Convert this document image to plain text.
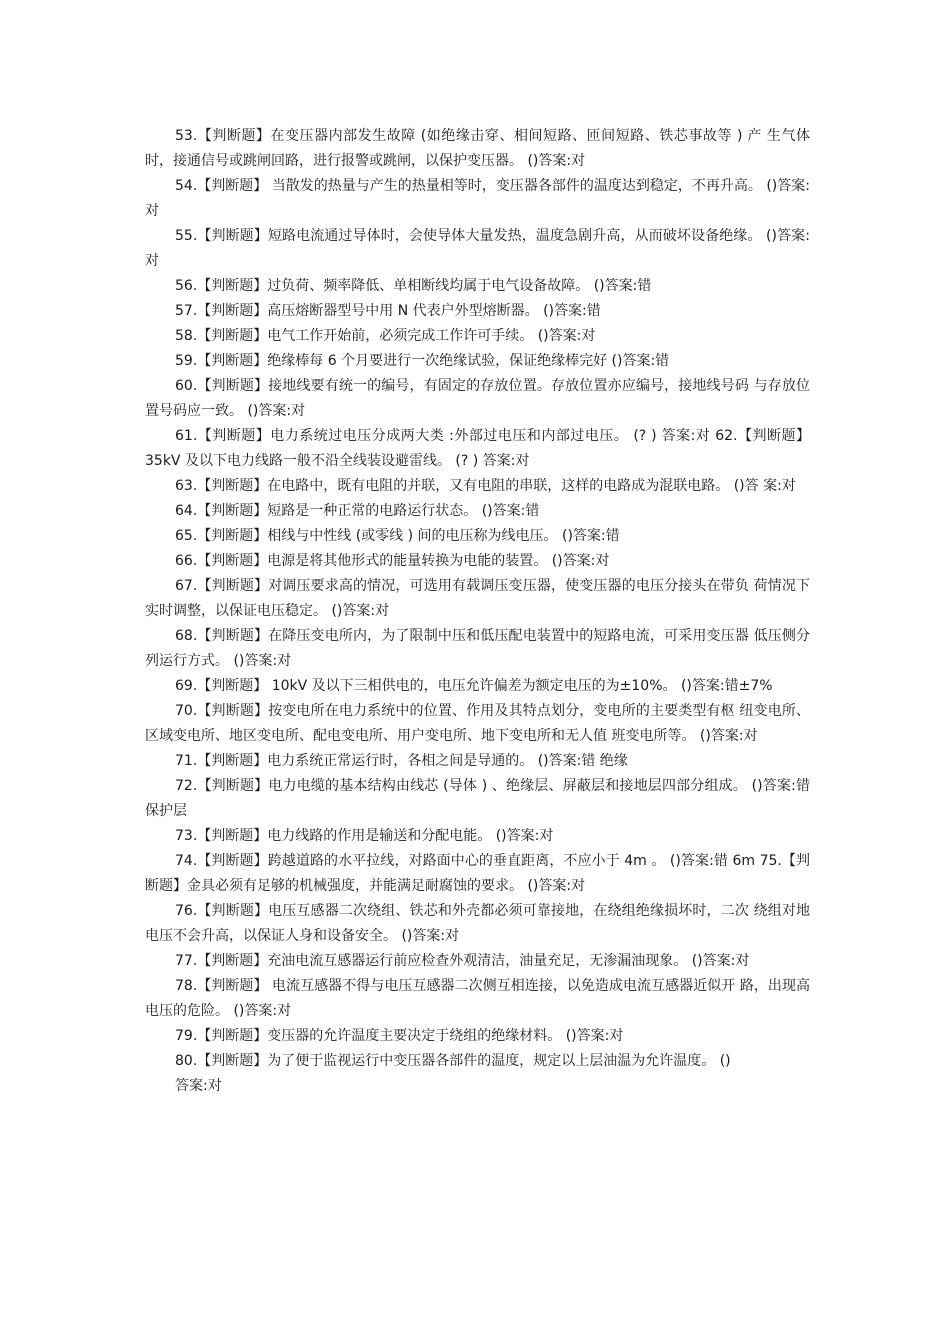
53.【判断题】在变压器内部发生故障 (如绝缘击穿、相间短路、匝间短路、铁芯事故等 ) 产 生气体时，接通信号或跳闸回路，进行报警或跳闸，以保护变压器。 ()答案:对

54.【判断题】 当散发的热量与产生的热量相等时，变压器各部件的温度达到稳定，不再升高。 ()答案:对

55.【判断题】短路电流通过导体时，会使导体大量发热，温度急剧升高，从而破坏设备绝缘。 ()答案:对

56.【判断题】过负荷、频率降低、单相断线均属于电气设备故障。 ()答案:错

57.【判断题】高压熔断器型号中用 N 代表户外型熔断器。 ()答案:错

58.【判断题】电气工作开始前，必须完成工作许可手续。 ()答案:对

59.【判断题】绝缘棒每 6 个月要进行一次绝缘试验，保证绝缘棒完好 ()答案:错

60.【判断题】接地线要有统一的编号，有固定的存放位置。存放位置亦应编号，接地线号码 与存放位置号码应一致。 ()答案:对

61.【判断题】电力系统过电压分成两大类 :外部过电压和内部过电压。 (? ) 答案:对 62.【判断题】 35kV 及以下电力线路一般不沿全线装设避雷线。 (? ) 答案:对

63.【判断题】在电路中，既有电阻的并联，又有电阻的串联，这样的电路成为混联电路。 ()答 案:对

64.【判断题】短路是一种正常的电路运行状态。 ()答案:错

65.【判断题】相线与中性线 (或零线 ) 间的电压称为线电压。 ()答案:错

66.【判断题】电源是将其他形式的能量转换为电能的装置。 ()答案:对

67.【判断题】对调压要求高的情况，可选用有载调压变压器，使变压器的电压分接头在带负 荷情况下实时调整，以保证电压稳定。 ()答案:对

68.【判断题】在降压变电所内，为了限制中压和低压配电装置中的短路电流，可采用变压器 低压侧分列运行方式。 ()答案:对

69.【判断题】 10kV 及以下三相供电的，电压允许偏差为额定电压的为±10%。 ()答案:错±7%

70.【判断题】按变电所在电力系统中的位置、作用及其特点划分，变电所的主要类型有枢 纽变电所、区域变电所、地区变电所、配电变电所、用户变电所、地下变电所和无人值 班变电所等。 ()答案:对

71.【判断题】电力系统正常运行时，各相之间是导通的。 ()答案:错 绝缘

72.【判断题】电力电缆的基本结构由线芯 (导体 ) 、绝缘层、屏蔽层和接地层四部分组成。 ()答案:错 保护层

73.【判断题】电力线路的作用是输送和分配电能。 ()答案:对

74.【判断题】跨越道路的水平拉线，对路面中心的垂直距离，不应小于 4m 。 ()答案:错 6m 75.【判断题】金具必须有足够的机械强度，并能满足耐腐蚀的要求。 ()答案:对

76.【判断题】电压互感器二次绕组、铁芯和外壳都必须可靠接地，在绕组绝缘损坏时，二次 绕组对地电压不会升高，以保证人身和设备安全。 ()答案:对

77.【判断题】充油电流互感器运行前应检查外观清洁，油量充足，无渗漏油现象。 ()答案:对

78.【判断题】 电流互感器不得与电压互感器二次侧互相连接，以免造成电流互感器近似开 路，出现高电压的危险。 ()答案:对

79.【判断题】变压器的允许温度主要决定于绕组的绝缘材料。 ()答案:对

80.【判断题】为了便于监视运行中变压器各部件的温度，规定以上层油温为允许温度。 ()

答案:对
